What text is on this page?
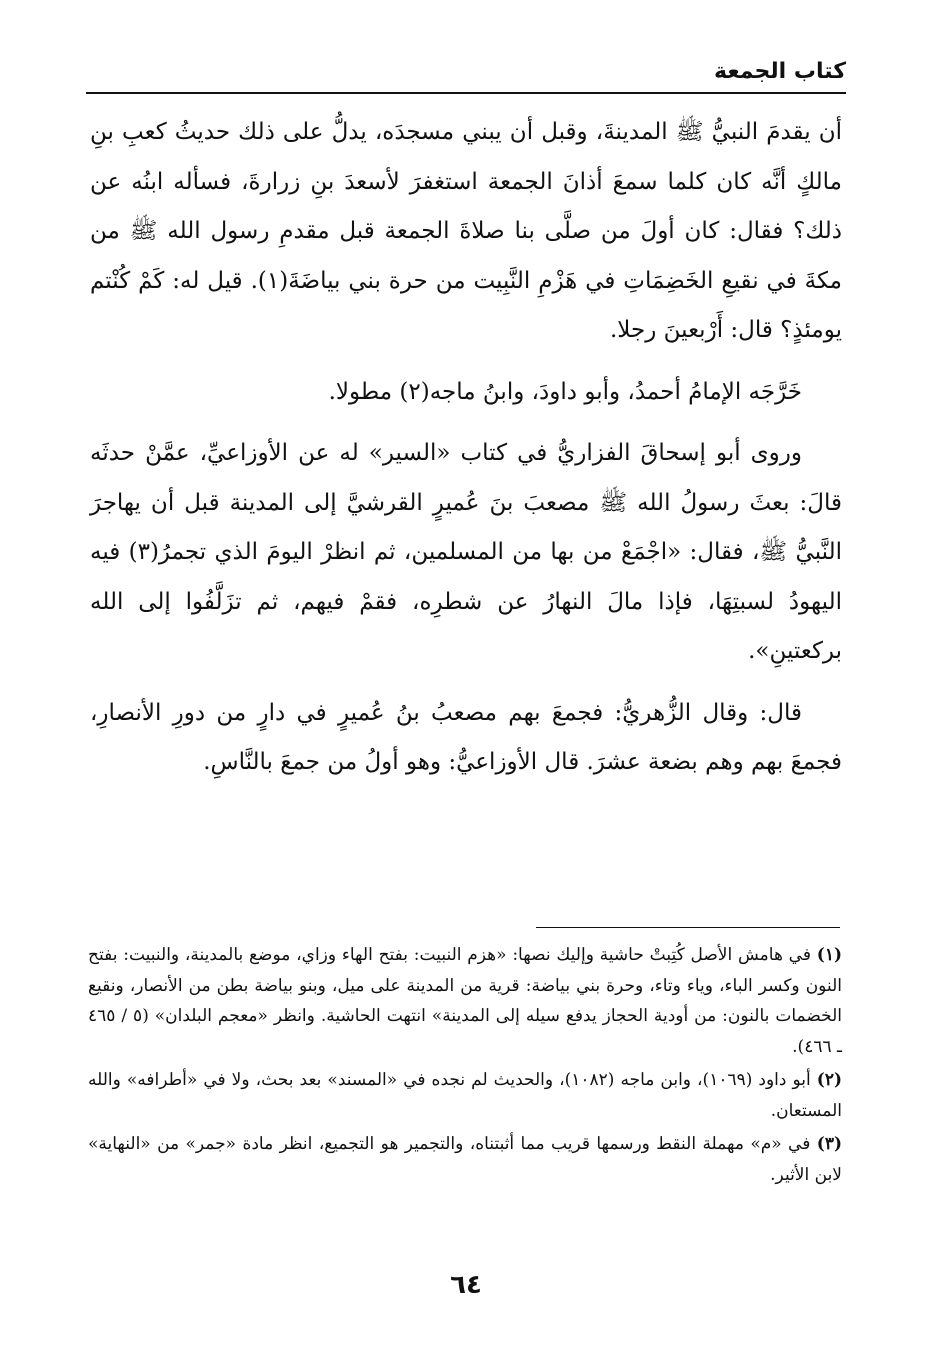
كتاب الجمعة

أن يقدمَ النبيُّ ﷺ المدينةَ، وقبل أن يبني مسجدَه، يدلُّ على ذلك حديثُ كعبِ بنِ مالكٍ أنَّه كان كلما سمعَ أذانَ الجمعة استغفرَ لأسعدَ بنِ زرارةَ، فسأله ابنُه عن ذلك؟ فقال: كان أولَ من صلَّى بنا صلاةَ الجمعة قبل مقدمِ رسول الله ﷺ من مكةَ في نقيعِ الخَضِمَاتِ في هَزْمِ النَّبِيت من حرة بني بياضَةَ(١). قيل له: كَمْ كُنْتم يومئذٍ؟ قال: أَرْبعينَ رجلا.

خَرَّجَه الإمامُ أحمدُ، وأبو داودَ، وابنُ ماجه(٢) مطولا.

وروى أبو إسحاقَ الفزاريُّ في كتاب «السير» له عن الأوزاعيِّ، عمَّنْ حدثَه قالَ: بعثَ رسولُ الله ﷺ مصعبَ بنَ عُميرٍ القرشيَّ إلى المدينة قبل أن يهاجرَ النَّبيُّ ﷺ، فقال: «اجْمَعْ من بها من المسلمين، ثم انظرْ اليومَ الذي تجمرُ(٣) فيه اليهودُ لسبتِهَا، فإذا مالَ النهارُ عن شطرِه، فقمْ فيهم، ثم تزَلَّفُوا إلى الله بركعتينِ».

قال: وقال الزُّهريُّ: فجمعَ بهم مصعبُ بنُ عُميرٍ في دارٍ من دورِ الأنصارِ، فجمعَ بهم وهم بضعة عشرَ. قال الأوزاعيُّ: وهو أولُ من جمعَ بالنَّاسِ.

(١) في هامش الأصل كُتِبتْ حاشية وإليك نصها: «هزم النبيت: بفتح الهاء وزاي، موضع بالمدينة، والنبيت: بفتح النون وكسر الباء، وياء وتاء، وحرة بني بياضة: قرية من المدينة على ميل، وبنو بياضة بطن من الأنصار، ونقيع الخضمات بالنون: من أودية الحجاز يدفع سيله إلى المدينة» انتهت الحاشية. وانظر «معجم البلدان» (٥ / ٤٦٥ ـ ٤٦٦).

(٢) أبو داود (١٠٦٩)، وابن ماجه (١٠٨٢)، والحديث لم نجده في «المسند» بعد بحث، ولا في «أطرافه» والله المستعان.

(٣) في «م» مهملة النقط ورسمها قريب مما أثبتناه، والتجمير هو التجميع، انظر مادة «جمر» من «النهاية» لابن الأثير.

٦٤
